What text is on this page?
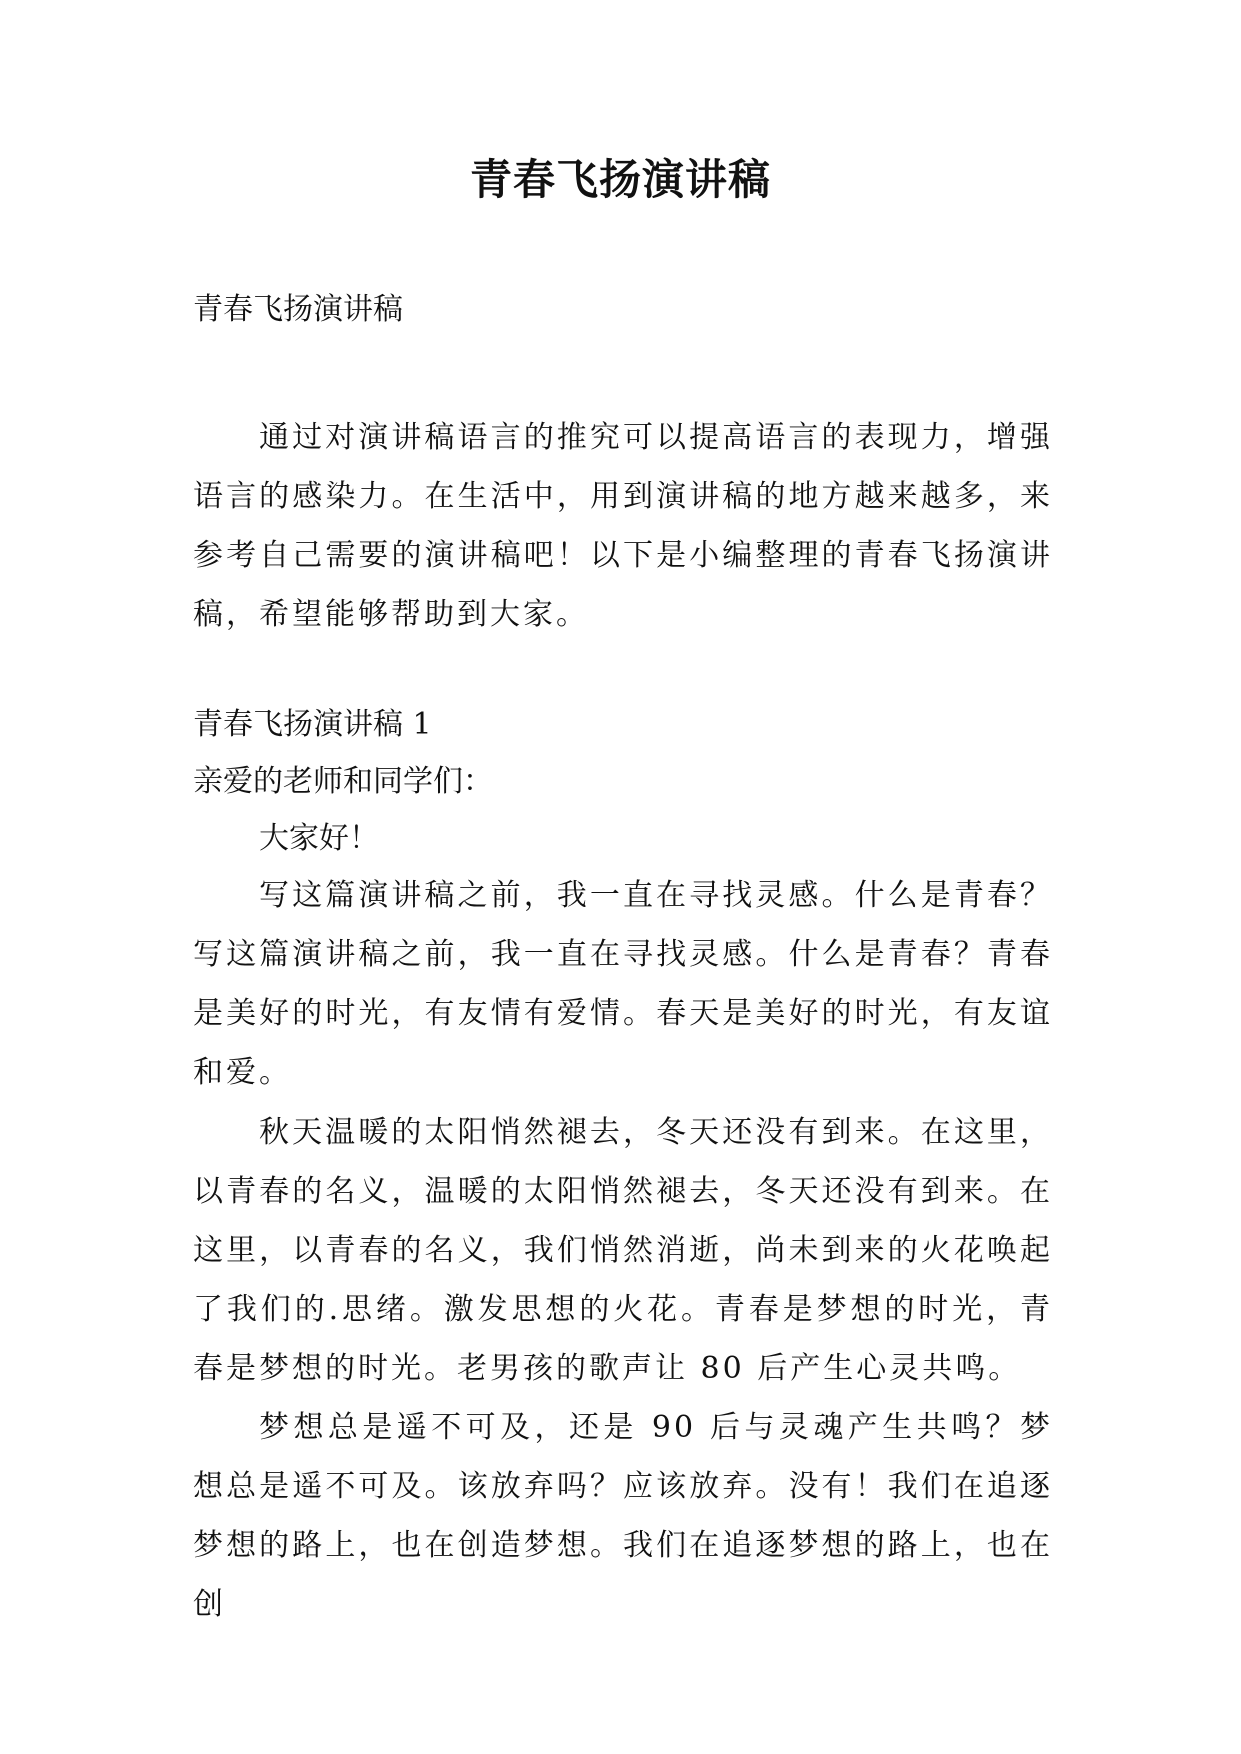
青春飞扬演讲稿
青春飞扬演讲稿
通过对演讲稿语言的推究可以提高语言的表现力，增强语言的感染力。在生活中，用到演讲稿的地方越来越多，来参考自己需要的演讲稿吧！以下是小编整理的青春飞扬演讲稿，希望能够帮助到大家。
青春飞扬演讲稿 1
亲爱的老师和同学们：
大家好！
写这篇演讲稿之前，我一直在寻找灵感。什么是青春？写这篇演讲稿之前，我一直在寻找灵感。什么是青春？青春是美好的时光，有友情有爱情。春天是美好的时光，有友谊和爱。
秋天温暖的太阳悄然褪去，冬天还没有到来。在这里，以青春的名义，温暖的太阳悄然褪去，冬天还没有到来。在这里，以青春的名义，我们悄然消逝，尚未到来的火花唤起了我们的.思绪。激发思想的火花。青春是梦想的时光，青春是梦想的时光。老男孩的歌声让 80 后产生心灵共鸣。
梦想总是遥不可及，还是 90 后与灵魂产生共鸣？梦想总是遥不可及。该放弃吗？应该放弃。没有！我们在追逐梦想的路上，也在创造梦想。我们在追逐梦想的路上，也在创
